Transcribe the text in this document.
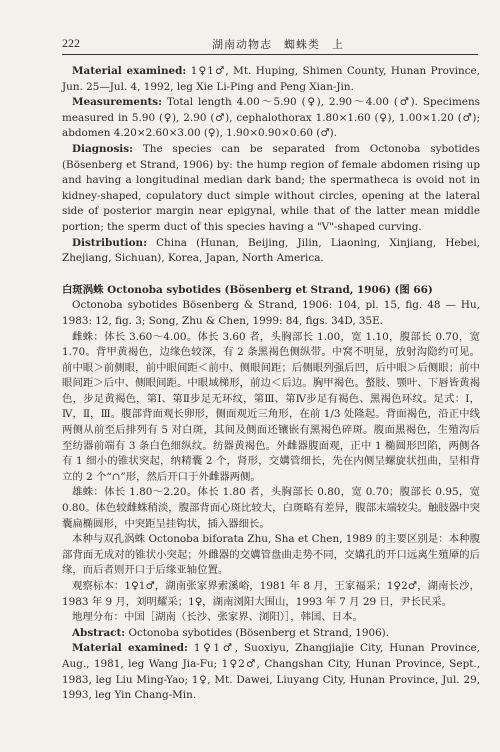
222	湖南动物志　蜘蛛类　上

Material examined: 1♀1♂, Mt. Huping, Shimen County, Hunan Province, Jun. 25—Jul. 4, 1992, leg Xie Li-Ping and Peng Xian-Jin.

Measurements: Total length 4.00～5.90 (♀), 2.90～4.00 (♂). Specimens measured in 5.90 (♀), 2.90 (♂), cephalothorax 1.80×1.60 (♀), 1.00×1.20 (♂); abdomen 4.20×2.60×3.00 (♀), 1.90×0.90×0.60 (♂).

Diagnosis: The species can be separated from Octonoba sybotides (Bösenberg et Strand, 1906) by: the hump region of female abdomen rising up and having a longitudinal median dark band; the spermatheca is ovoid not in kidney-shaped, copulatory duct simple without circles, opening at the lateral side of posterior margin near epigynal, while that of the latter mean middle portion; the sperm duct of this species having a "V"-shaped curving.

Distribution: China (Hunan, Beijing, Jilin, Liaoning, Xinjiang, Hebei, Zhejiang, Sichuan), Korea, Japan, North America.

白斑涡蛛 Octonoba sybotides (Bösenberg et Strand, 1906) (图 66)

Octonoba sybotides Bösenberg & Strand, 1906: 104, pl. 15, fig. 48 — Hu, 1983: 12, fig. 3; Song, Zhu & Chen, 1999: 84, figs. 34D, 35E.

雌蛛：体长 3.60～4.00。体长 3.60 者，头胸部长 1.00，宽 1.10，腹部长 0.70，宽 1.70。背甲黄褐色，边缘色较深，有 2 条黑褐色侧纵带。中窝不明显，放射沟隐约可见。前中眼＞前侧眼，前中眼间距＜前中、侧眼间距；后侧眼列强后凹，后中眼＞后侧眼；前中眼间距＞后中、侧眼间距。中眼域梯形，前边＜后边。胸甲褐色。螯肢、颚叶、下唇皆黄褐色，步足黄褐色，第Ⅰ、第Ⅱ步足无环纹，第Ⅲ、第Ⅳ步足有褐色、黑褐色环纹。足式：Ⅰ，Ⅳ，Ⅱ，Ⅲ。腹部背面观长卵形，侧面观近三角形，在前 1/3 处隆起。背面褐色，沿正中线两侧从前至后排列有 5 对白斑，其间及侧面还镶嵌有黑褐色碎斑。腹面黑褐色，生殖沟后至纺器前端有 3 条白色细纵纹。纺器黄褐色。外雌器腹面观，正中 1 椭圆形凹陷，两侧各有 1 细小的锥状突起，纳精囊 2 个，肾形，交媾管细长，先在内侧呈螺旋状扭曲，呈相背立的 2 个“∩”形，然后开口于外雌器两侧。

雄蛛：体长 1.80～2.20。体长 1.80 者，头胸部长 0.80，宽 0.70；腹部长 0.95，宽 0.80。体色较雌蛛稍淡，腹部背面心斑比较大，白斑略有差异，腹部末端较尖。触肢器中突囊扁椭圆形，中突距呈挂钩状，插入器细长。

本种与双孔涡蛛 Octonoba biforata Zhu, Sha et Chen, 1989 的主要区别是：本种腹部背面无成对的锥状小突起；外雌器的交媾管盘曲走势不同，交媾孔的开口远离生殖厣的后缘，而后者则开口于后缘亚轴位置。

观察标本：1♀1♂，湖南张家界索溪峪，1981 年 8 月，王家福采；1♀2♂，湖南长沙，1983 年 9 月，刘明耀采；1♀，湖南浏阳大围山，1993 年 7 月 29 日，尹长民采。

地理分布：中国［湖南（长沙、张家界、浏阳）］，韩国、日本。

Abstract: Octonoba sybotides (Bösenberg et Strand, 1906).

Material examined: 1♀1♂, Suoxiyu, Zhangjiajie City, Hunan Province, Aug., 1981, leg Wang Jia-Fu; 1♀2♂, Changshan City, Hunan Province, Sept., 1983, leg Liu Ming-Yao; 1♀, Mt. Dawei, Liuyang City, Hunan Province, Jul. 29, 1993, leg Yin Chang-Min.
